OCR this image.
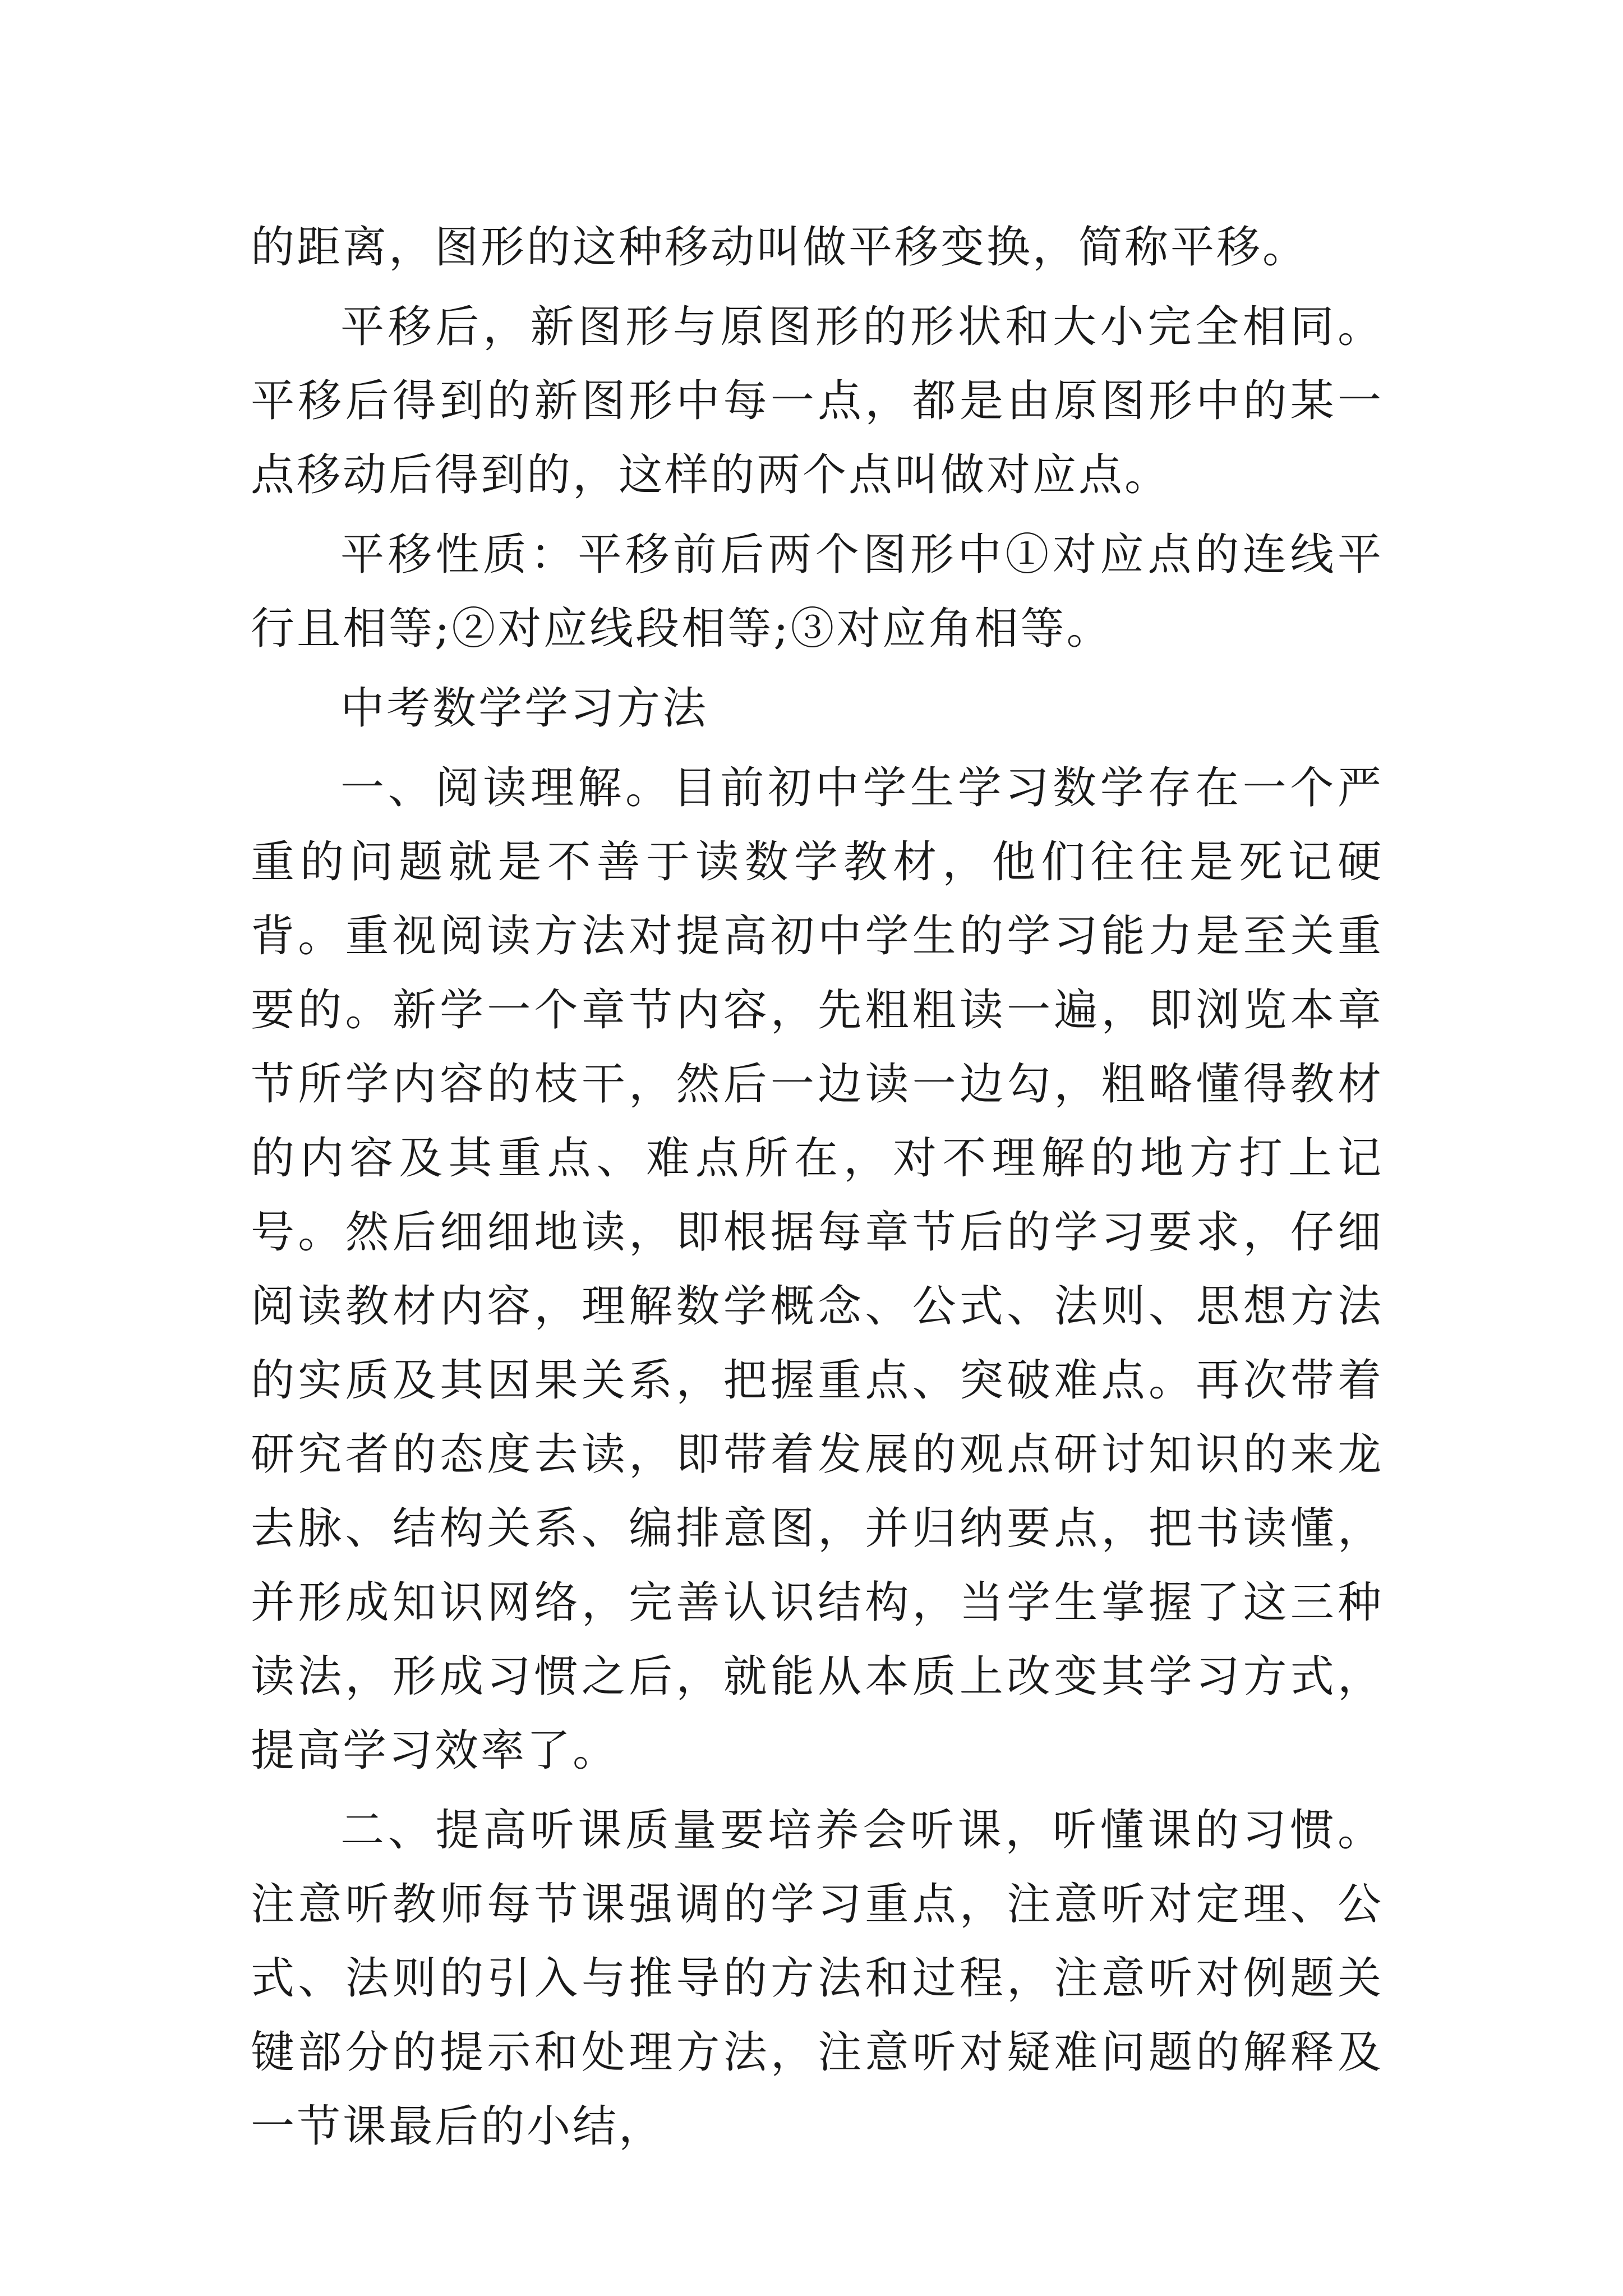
的距离，图形的这种移动叫做平移变换，简称平移。

平移后，新图形与原图形的形状和大小完全相同。平移后得到的新图形中每一点，都是由原图形中的某一点移动后得到的，这样的两个点叫做对应点。

平移性质：平移前后两个图形中①对应点的连线平行且相等;②对应线段相等;③对应角相等。

中考数学学习方法

一、阅读理解。目前初中学生学习数学存在一个严重的问题就是不善于读数学教材，他们往往是死记硬背。重视阅读方法对提高初中学生的学习能力是至关重要的。新学一个章节内容，先粗粗读一遍，即浏览本章节所学内容的枝干，然后一边读一边勾，粗略懂得教材的内容及其重点、难点所在，对不理解的地方打上记号。然后细细地读，即根据每章节后的学习要求，仔细阅读教材内容，理解数学概念、公式、法则、思想方法的实质及其因果关系，把握重点、突破难点。再次带着研究者的态度去读，即带着发展的观点研讨知识的来龙去脉、结构关系、编排意图，并归纳要点，把书读懂，并形成知识网络，完善认识结构，当学生掌握了这三种读法，形成习惯之后，就能从本质上改变其学习方式，提高学习效率了。

二、提高听课质量要培养会听课，听懂课的习惯。注意听教师每节课强调的学习重点，注意听对定理、公式、法则的引入与推导的方法和过程，注意听对例题关键部分的提示和处理方法，注意听对疑难问题的解释及一节课最后的小结，
